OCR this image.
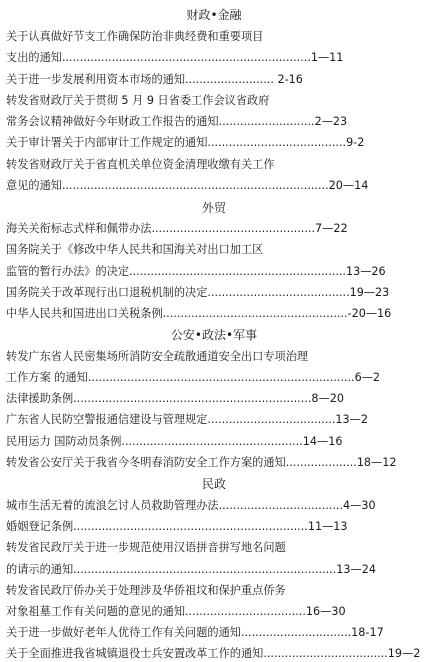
财政•金融
关于认真做好节支工作确保防治非典经费和重要项目
支出的通知......................................................................1—11
关于进一步发展利用资本市场的通知......................... 2-16
转发省财政厅关于贯彻 5 月 9 日省委工作会议省政府
常务会议精神做好今年财政工作报告的通知...........................2—23
关于审计署关于内部审计工作规定的通知.......................................9-2
转发省财政厅关于省直机关单位资金清理收缴有关工作
意见的通知...........................................................................20—14
外贸
海关关衔标志式样和佩带办法..............................................7—22
国务院关于《修改中华人民共和国海关对出口加工区
监管的暂行办法》的决定.............................................................13—26
国务院关于改革现行出口退税机制的决定........................................19—23
中华人民共和国进出口关税条例....................................................-20—16
公安•政法•军事
转发广东省人民密集场所消防安全疏散通道安全出口专项治理
工作方案 的通知...........................................................................6—2
法律援助条例...................................................................8—20
广东省人民防空警报通信建设与管理规定....................................13—2
民用运力 国防动员条例...................................................14—16
转发省公安厅关于我省今冬明春消防安全工作方案的通知....................18—12
民政
城市生活无着的流浪乞讨人员救助管理办法...................................4—30
婚姻登记条例..................................................................11—13
转发省民政厅关于进一步规范使用汉语拼音拼写地名问题
的请示的通知..........................................................................13—24
转发省民政厅侨办关于处理涉及华侨祖坟和保护重点侨务
对象祖墓工作有关问题的意见的通知..................................16—30
关于进一步做好老年人优待工作有关问题的通知...............................18-17
关于全面推进我省城镇退役士兵安置改革工作的通知...................................19—2
